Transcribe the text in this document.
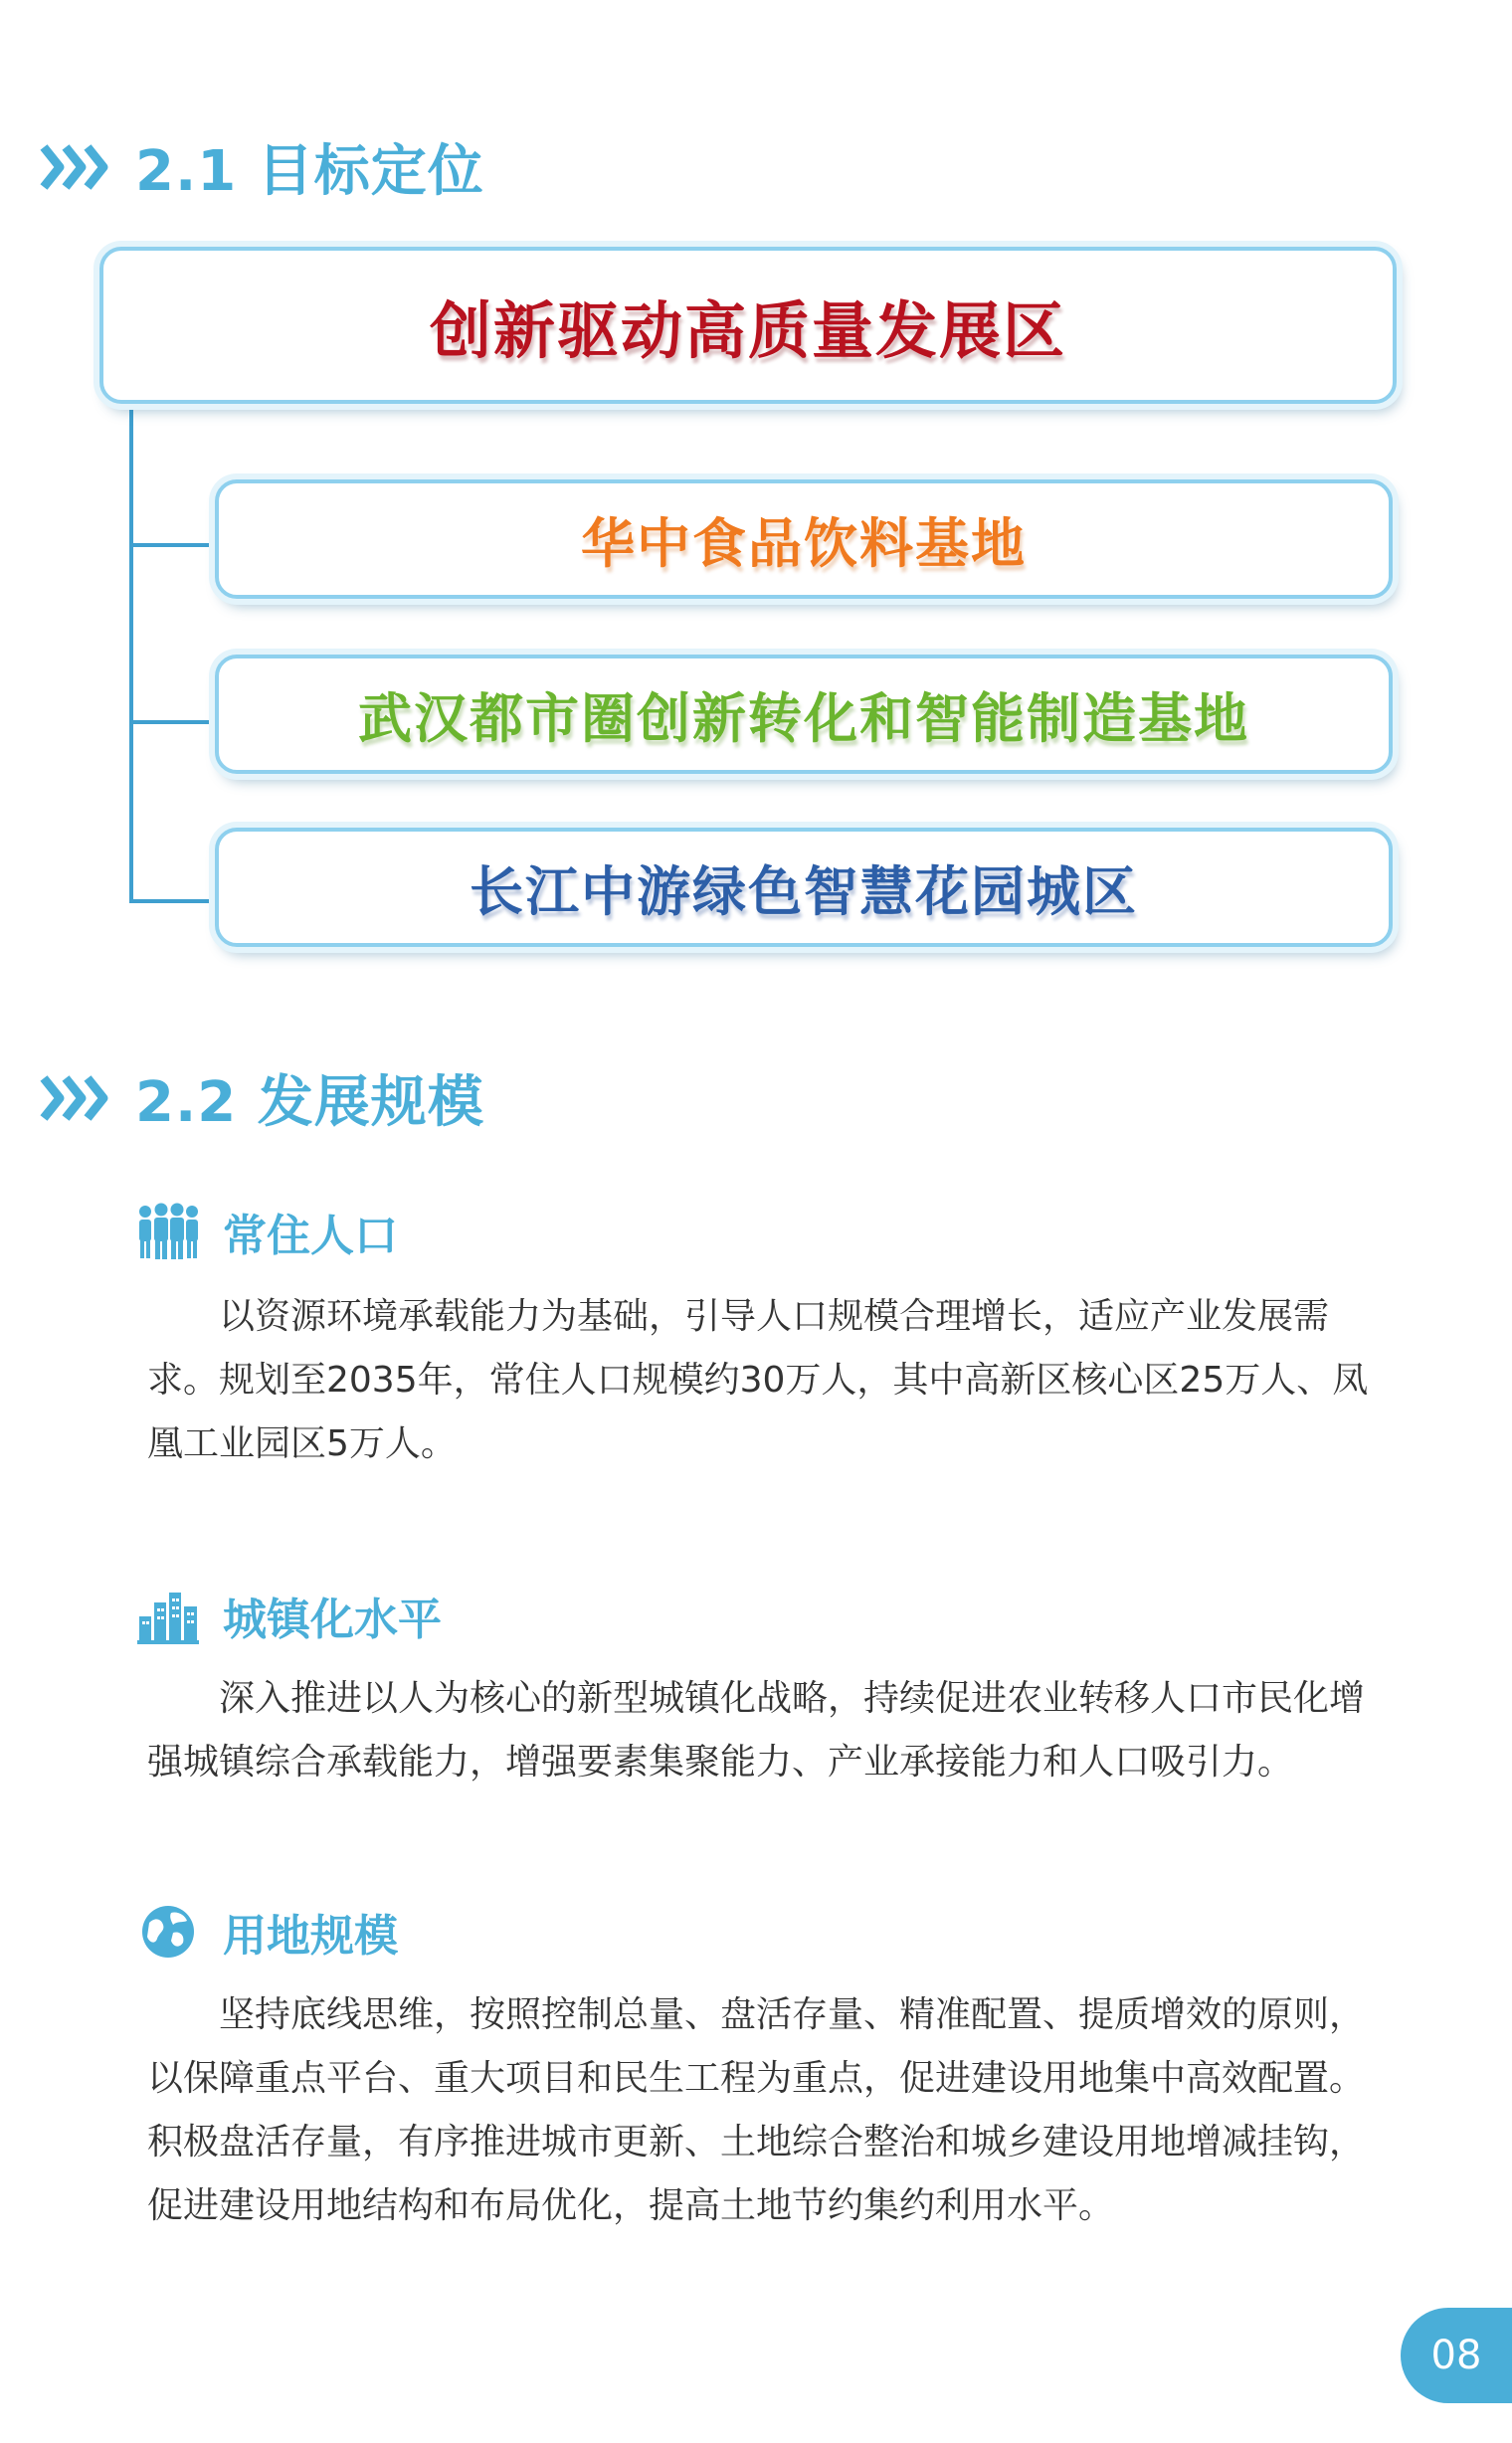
2.1 目标定位
创新驱动高质量发展区
华中食品饮料基地
武汉都市圈创新转化和智能制造基地
长江中游绿色智慧花园城区
2.2 发展规模
常住人口

以资源环境承载能力为基础，引导人口规模合理增长，适应产业发展需求。规划至2035年，常住人口规模约30万人，其中高新区核心区25万人、凤凰工业园区5万人。

城镇化水平

深入推进以人为核心的新型城镇化战略，持续促进农业转移人口市民化增强城镇综合承载能力，增强要素集聚能力、产业承接能力和人口吸引力。

用地规模

坚持底线思维，按照控制总量、盘活存量、精准配置、提质增效的原则，以保障重点平台、重大项目和民生工程为重点，促进建设用地集中高效配置。积极盘活存量，有序推进城市更新、土地综合整治和城乡建设用地增减挂钩，促进建设用地结构和布局优化，提高土地节约集约利用水平。

08
